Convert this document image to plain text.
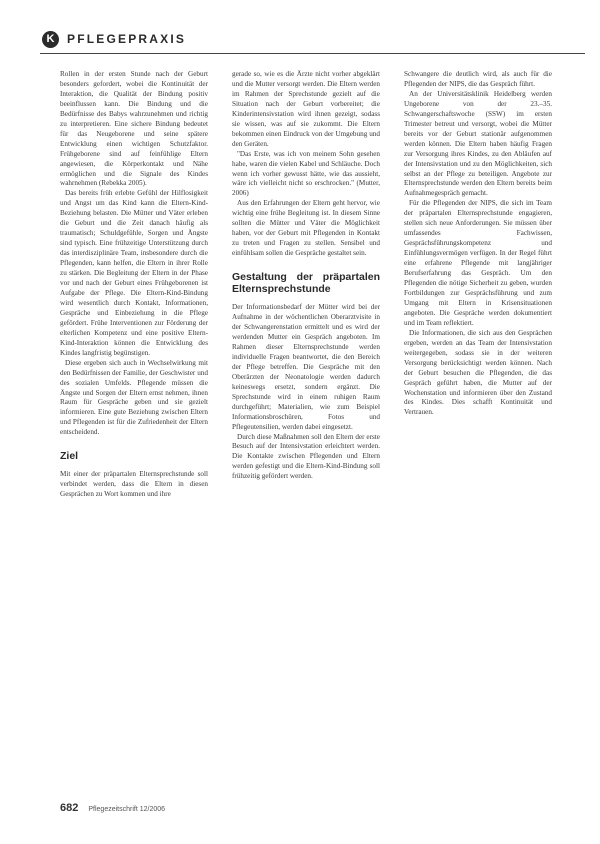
K	PFLEGEPRAXIS

Rollen in der ersten Stunde nach der Geburt besonders gefordert, wobei die Kontinuität der Interaktion, die Qualität der Bindung positiv beeinflussen kann. Die Bindung und die Bedürfnisse des Babys wahrzunehmen und richtig zu interpretieren. Eine sichere Bindung bedeutet für das Neugeborene und seine spätere Entwicklung einen wichtigen Schutzfaktor. Frühgeborene sind auf feinfühlige Eltern angewiesen, die Körperkontakt und Nähe ermöglichen und die Signale des Kindes wahrnehmen (Rebekka 2005).

Das bereits früh erlebte Gefühl der Hilflosigkeit und Angst um das Kind kann die Eltern-Kind-Beziehung belasten. Die Mütter und Väter erleben die Geburt und die Zeit danach häufig als traumatisch; Schuldgefühle, Sorgen und Ängste sind typisch. Eine frühzeitige Unterstützung durch das interdisziplinäre Team, insbesondere durch die Pflegenden, kann helfen, die Eltern in ihrer Rolle zu stärken. Die Begleitung der Eltern in der Phase vor und nach der Geburt eines Frühgeborenen ist Aufgabe der Pflege. Die Eltern-Kind-Bindung wird wesentlich durch Kontakt, Informationen, Gespräche und Einbeziehung in die Pflege gefördert. Frühe Interventionen zur Förderung der elterlichen Kompetenz und eine positive Eltern-Kind-Interaktion können die Entwicklung des Kindes langfristig begünstigen.

Diese ergeben sich auch in Wechselwirkung mit den Bedürfnissen der Familie, der Geschwister und des sozialen Umfelds. Pflegende müssen die Ängste und Sorgen der Eltern ernst nehmen, ihnen Raum für Gespräche geben und sie gezielt informieren. Eine gute Beziehung zwischen Eltern und Pflegenden ist für die Zufriedenheit der Eltern entscheidend.

Ziel

Mit einer der präpartalen Elternsprechstunde soll verbindet werden, dass die Eltern in diesen Gesprächen zu Wort kommen und ihre

gerade so, wie es die Ärzte nicht vorher abgeklärt und die Mutter versorgt werden. Die Eltern werden im Rahmen der Sprechstunde gezielt auf die Situation nach der Geburt vorbereitet; die Kinderintensivstation wird ihnen gezeigt, sodass sie wissen, was auf sie zukommt. Die Eltern bekommen einen Eindruck von der Umgebung und den Geräten.

"Das Erste, was ich von meinem Sohn gesehen habe, waren die vielen Kabel und Schläuche. Doch wenn ich vorher gewusst hätte, wie das aussieht, wäre ich vielleicht nicht so erschrocken." (Mutter, 2006)

Aus den Erfahrungen der Eltern geht hervor, wie wichtig eine frühe Begleitung ist. In diesem Sinne sollten die Mütter und Väter die Möglichkeit haben, vor der Geburt mit Pflegenden in Kontakt zu treten und Fragen zu stellen. Sensibel und einfühlsam sollen die Gespräche gestaltet sein.

Gestaltung der präpartalen Elternsprechstunde

Der Informationsbedarf der Mütter wird bei der Aufnahme in der wöchentlichen Oberarztvisite in der Schwangerenstation ermittelt und es wird der werdenden Mutter ein Gespräch angeboten. Im Rahmen dieser Elternsprechstunde werden individuelle Fragen beantwortet, die den Bereich der Pflege betreffen. Die Gespräche mit den Oberärzten der Neonatologie werden dadurch keineswegs ersetzt, sondern ergänzt. Die Sprechstunde wird in einem ruhigen Raum durchgeführt; Materialien, wie zum Beispiel Informationsbroschüren, Fotos und Pflegeutensilien, werden dabei eingesetzt.

Durch diese Maßnahmen soll den Eltern der erste Besuch auf der Intensivstation erleichtert werden. Die Kontakte zwischen Pflegenden und Eltern werden gefestigt und die Eltern-Kind-Bindung soll frühzeitig gefördert werden.

Schwangere die deutlich wird, als auch für die Pflegenden der NIPS, die das Gespräch führt.

An der Universitätsklinik Heidelberg werden Ungeborene von der 23.–35. Schwangerschaftswoche (SSW) im ersten Trimester betreut und versorgt, wobei die Mütter bereits vor der Geburt stationär aufgenommen werden können. Die Eltern haben häufig Fragen zur Versorgung ihres Kindes, zu den Abläufen auf der Intensivstation und zu den Möglichkeiten, sich selbst an der Pflege zu beteiligen. Angebote zur Elternsprechstunde werden den Eltern bereits beim Aufnahmegespräch gemacht.

Für die Pflegenden der NIPS, die sich im Team der präpartalen Elternsprechstunde engagieren, stellen sich neue Anforderungen. Sie müssen über umfassendes Fachwissen, Gesprächsführungskompetenz und Einfühlungsvermögen verfügen. In der Regel führt eine erfahrene Pflegende mit langjähriger Berufserfahrung das Gespräch. Um den Pflegenden die nötige Sicherheit zu geben, wurden Fortbildungen zur Gesprächsführung und zum Umgang mit Eltern in Krisensituationen angeboten. Die Gespräche werden dokumentiert und im Team reflektiert.

Die Informationen, die sich aus den Gesprächen ergeben, werden an das Team der Intensivstation weitergegeben, sodass sie in der weiteren Versorgung berücksichtigt werden können. Nach der Geburt besuchen die Pflegenden, die das Gespräch geführt haben, die Mutter auf der Wochenstation und informieren über den Zustand des Kindes. Dies schafft Kontinuität und Vertrauen.

682 Pflegezeitschrift 12/2006
